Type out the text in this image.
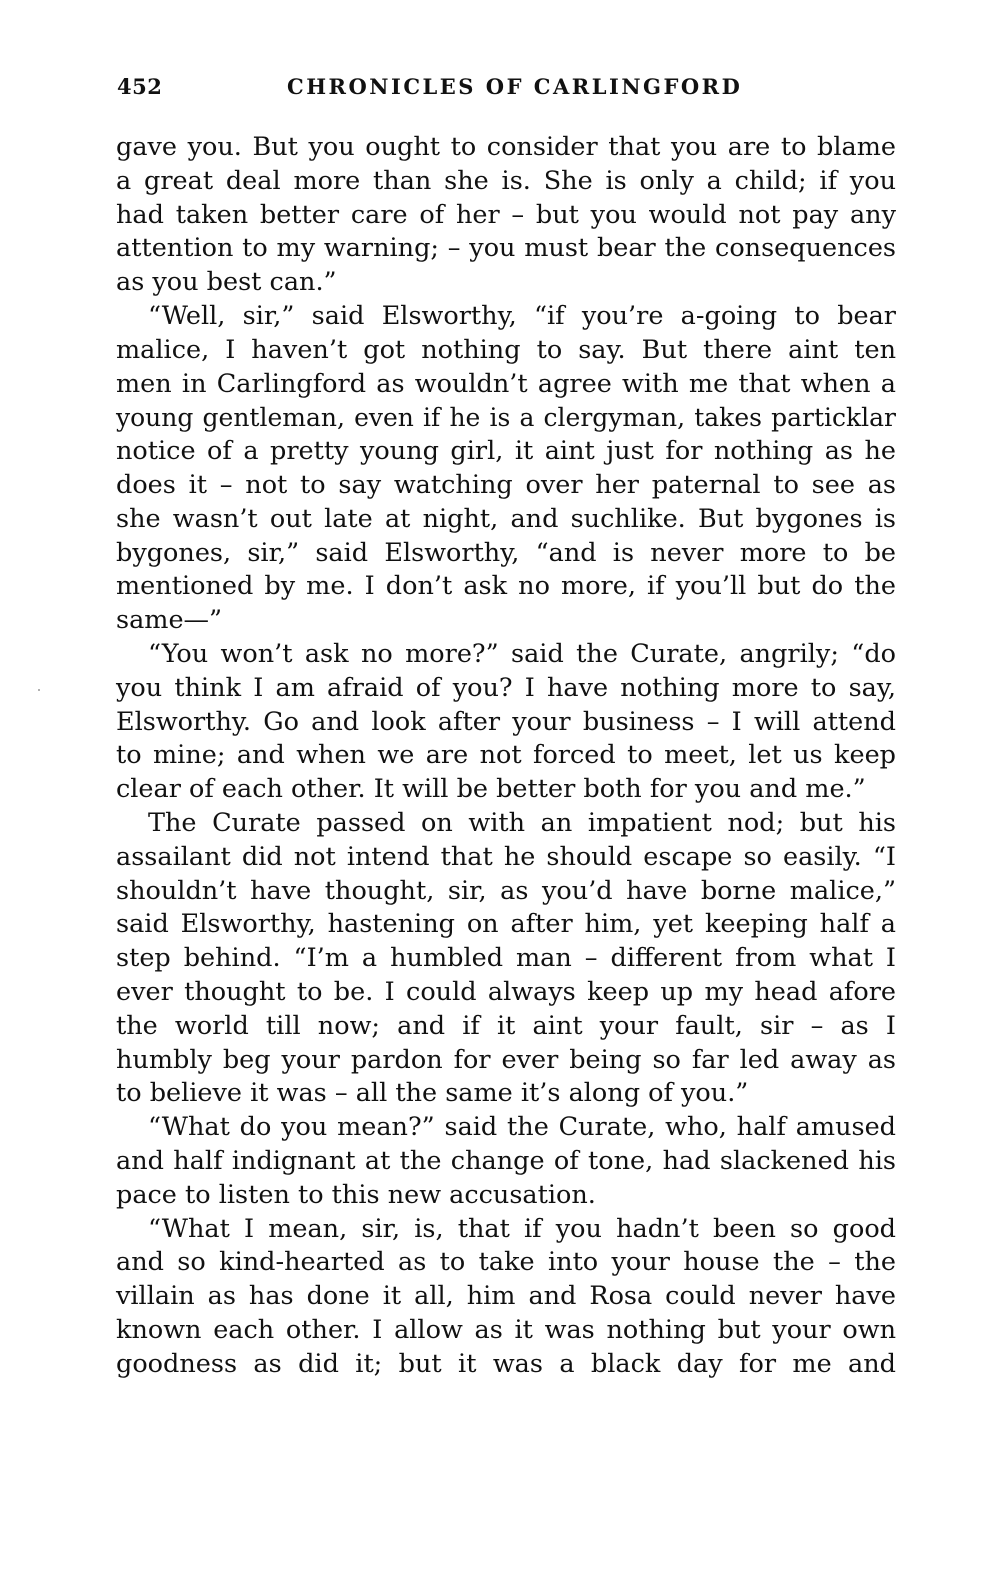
452	CHRONICLES OF CARLINGFORD
gave you. But you ought to consider that you are to blame
a great deal more than she is. She is only a child; if you
had taken better care of her – but you would not pay any
attention to my warning; – you must bear the consequences
as you best can.”
“Well, sir,” said Elsworthy, “if you’re a-going to bear
malice, I haven’t got nothing to say. But there aint ten
men in Carlingford as wouldn’t agree with me that when a
young gentleman, even if he is a clergyman, takes particklar
notice of a pretty young girl, it aint just for nothing as he
does it – not to say watching over her paternal to see as
she wasn’t out late at night, and suchlike. But bygones is
bygones, sir,” said Elsworthy, “and is never more to be
mentioned by me. I don’t ask no more, if you’ll but do the
same—”
“You won’t ask no more?” said the Curate, angrily; “do
you think I am afraid of you? I have nothing more to say,
Elsworthy. Go and look after your business – I will attend
to mine; and when we are not forced to meet, let us keep
clear of each other. It will be better both for you and me.”
The Curate passed on with an impatient nod; but his
assailant did not intend that he should escape so easily. “I
shouldn’t have thought, sir, as you’d have borne malice,”
said Elsworthy, hastening on after him, yet keeping half a
step behind. “I’m a humbled man – different from what I
ever thought to be. I could always keep up my head afore
the world till now; and if it aint your fault, sir – as I
humbly beg your pardon for ever being so far led away as
to believe it was – all the same it’s along of you.”
“What do you mean?” said the Curate, who, half amused
and half indignant at the change of tone, had slackened his
pace to listen to this new accusation.
“What I mean, sir, is, that if you hadn’t been so good
and so kind-hearted as to take into your house the – the
villain as has done it all, him and Rosa could never have
known each other. I allow as it was nothing but your own
goodness as did it; but it was a black day for me and
